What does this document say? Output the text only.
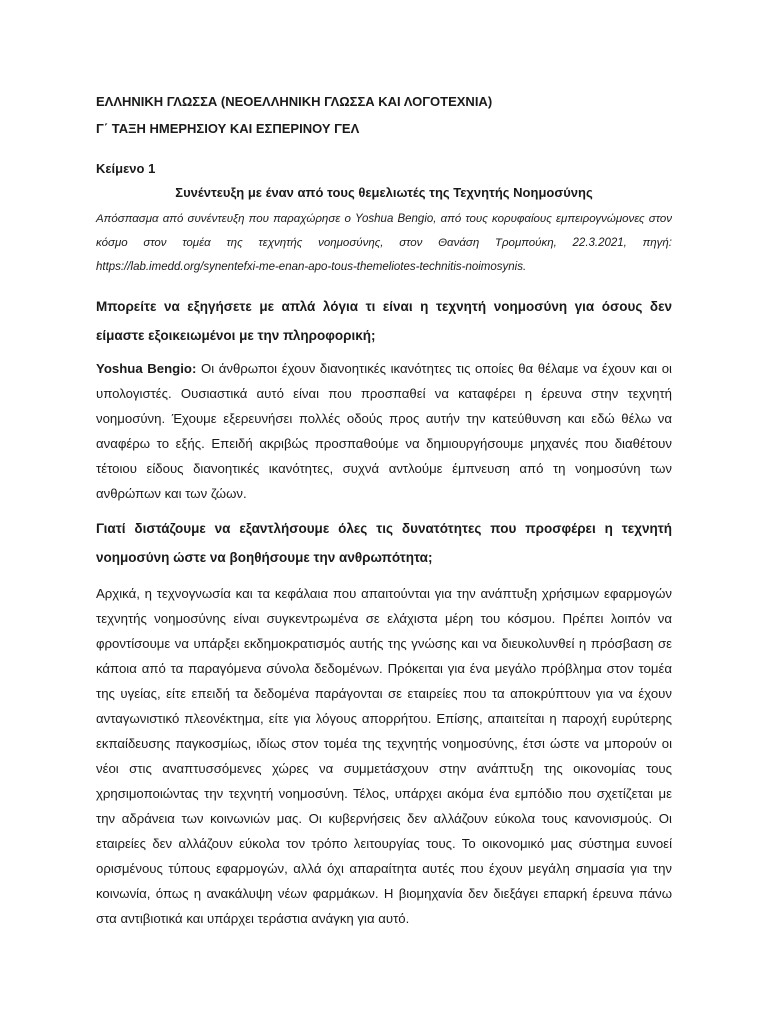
ΕΛΛΗΝΙΚΗ ΓΛΩΣΣΑ (ΝΕΟΕΛΛΗΝΙΚΗ ΓΛΩΣΣΑ ΚΑΙ ΛΟΓΟΤΕΧΝΙΑ)
Γ΄ ΤΑΞΗ ΗΜΕΡΗΣΙΟΥ ΚΑΙ ΕΣΠΕΡΙΝΟΥ ΓΕΛ
Κείμενο 1
Συνέντευξη με έναν από τους θεμελιωτές της Τεχνητής Νοημοσύνης
Απόσπασμα από συνέντευξη που παραχώρησε ο Yoshua Bengio, από τους κορυφαίους εμπειρογνώμονες στον κόσμο στον τομέα της τεχνητής νοημοσύνης, στον Θανάση Τρομπούκη, 22.3.2021, πηγή: https://lab.imedd.org/synentefxi-me-enan-apo-tous-themeliotes-technitis-noimosynis.
Μπορείτε να εξηγήσετε με απλά λόγια τι είναι η τεχνητή νοημοσύνη για όσους δεν είμαστε εξοικειωμένοι με την πληροφορική;
Yoshua Bengio: Οι άνθρωποι έχουν διανοητικές ικανότητες τις οποίες θα θέλαμε να έχουν και οι υπολογιστές. Ουσιαστικά αυτό είναι που προσπαθεί να καταφέρει η έρευνα στην τεχνητή νοημοσύνη. Έχουμε εξερευνήσει πολλές οδούς προς αυτήν την κατεύθυνση και εδώ θέλω να αναφέρω το εξής. Επειδή ακριβώς προσπαθούμε να δημιουργήσουμε μηχανές που διαθέτουν τέτοιου είδους διανοητικές ικανότητες, συχνά αντλούμε έμπνευση από τη νοημοσύνη των ανθρώπων και των ζώων.
Γιατί διστάζουμε να εξαντλήσουμε όλες τις δυνατότητες που προσφέρει η τεχνητή νοημοσύνη ώστε να βοηθήσουμε την ανθρωπότητα;
Αρχικά, η τεχνογνωσία και τα κεφάλαια που απαιτούνται για την ανάπτυξη χρήσιμων εφαρμογών τεχνητής νοημοσύνης είναι συγκεντρωμένα σε ελάχιστα μέρη του κόσμου. Πρέπει λοιπόν να φροντίσουμε να υπάρξει εκδημοκρατισμός αυτής της γνώσης και να διευκολυνθεί η πρόσβαση σε κάποια από τα παραγόμενα σύνολα δεδομένων. Πρόκειται για ένα μεγάλο πρόβλημα στον τομέα της υγείας, είτε επειδή τα δεδομένα παράγονται σε εταιρείες που τα αποκρύπτουν για να έχουν ανταγωνιστικό πλεονέκτημα, είτε για λόγους απορρήτου. Επίσης, απαιτείται η παροχή ευρύτερης εκπαίδευσης παγκοσμίως, ιδίως στον τομέα της τεχνητής νοημοσύνης, έτσι ώστε να μπορούν οι νέοι στις αναπτυσσόμενες χώρες να συμμετάσχουν στην ανάπτυξη της οικονομίας τους χρησιμοποιώντας την τεχνητή νοημοσύνη. Τέλος, υπάρχει ακόμα ένα εμπόδιο που σχετίζεται με την αδράνεια των κοινωνιών μας. Οι κυβερνήσεις δεν αλλάζουν εύκολα τους κανονισμούς. Οι εταιρείες δεν αλλάζουν εύκολα τον τρόπο λειτουργίας τους. Το οικονομικό μας σύστημα ευνοεί ορισμένους τύπους εφαρμογών, αλλά όχι απαραίτητα αυτές που έχουν μεγάλη σημασία για την κοινωνία, όπως η ανακάλυψη νέων φαρμάκων. Η βιομηχανία δεν διεξάγει επαρκή έρευνα πάνω στα αντιβιοτικά και υπάρχει τεράστια ανάγκη για αυτό.
